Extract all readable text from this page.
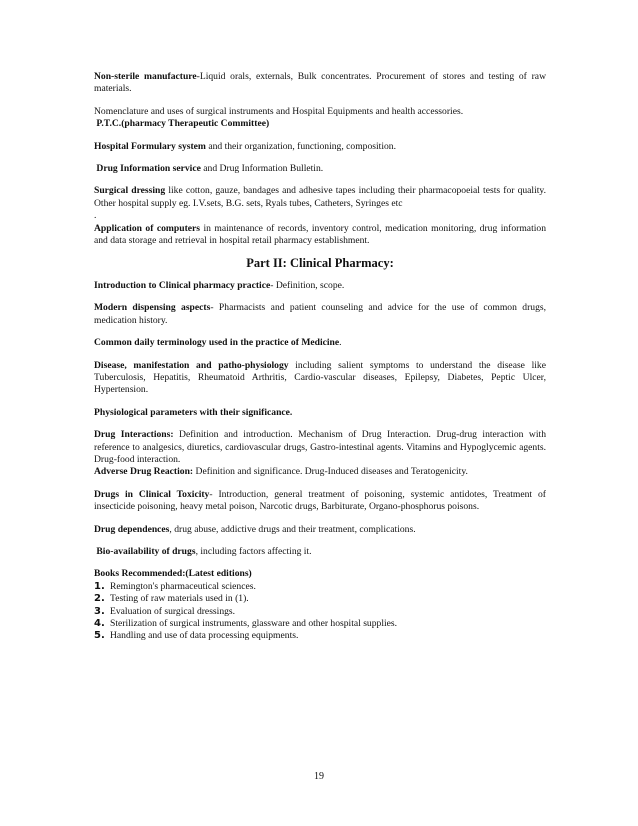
Non-sterile manufacture-Liquid orals, externals, Bulk concentrates. Procurement of stores and testing of raw materials.

Nomenclature and uses of surgical instruments and Hospital Equipments and health accessories.

P.T.C.(pharmacy Therapeutic Committee)

Hospital Formulary system and their organization, functioning, composition.

Drug Information service and Drug Information Bulletin.

Surgical dressing like cotton, gauze, bandages and adhesive tapes including their pharmacopoeial tests for quality. Other hospital supply eg. I.V.sets, B.G. sets, Ryals tubes, Catheters, Syringes etc

.

Application of computers in maintenance of records, inventory control, medication monitoring, drug information and data storage and retrieval in hospital retail pharmacy establishment.

Part II: Clinical Pharmacy:

Introduction to Clinical pharmacy practice- Definition, scope.

Modern dispensing aspects- Pharmacists and patient counseling and advice for the use of common drugs, medication history.

Common daily terminology used in the practice of Medicine.

Disease, manifestation and patho-physiology including salient symptoms to understand the disease like Tuberculosis, Hepatitis, Rheumatoid Arthritis, Cardio-vascular diseases, Epilepsy, Diabetes, Peptic Ulcer, Hypertension.

Physiological parameters with their significance.

Drug Interactions: Definition and introduction. Mechanism of Drug Interaction. Drug-drug interaction with reference to analgesics, diuretics, cardiovascular drugs, Gastro-intestinal agents. Vitamins and Hypoglycemic agents. Drug-food interaction.

Adverse Drug Reaction: Definition and significance. Drug-Induced diseases and Teratogenicity.

Drugs in Clinical Toxicity- Introduction, general treatment of poisoning, systemic antidotes, Treatment of insecticide poisoning, heavy metal poison, Narcotic drugs, Barbiturate, Organo-phosphorus poisons.

Drug dependences, drug abuse, addictive drugs and their treatment, complications.

Bio-availability of drugs, including factors affecting it.

Books Recommended:(Latest editions)

1. Remington's pharmaceutical sciences.
2. Testing of raw materials used in (1).
3. Evaluation of surgical dressings.
4. Sterilization of surgical instruments, glassware and other hospital supplies.
5. Handling and use of data processing equipments.
19
